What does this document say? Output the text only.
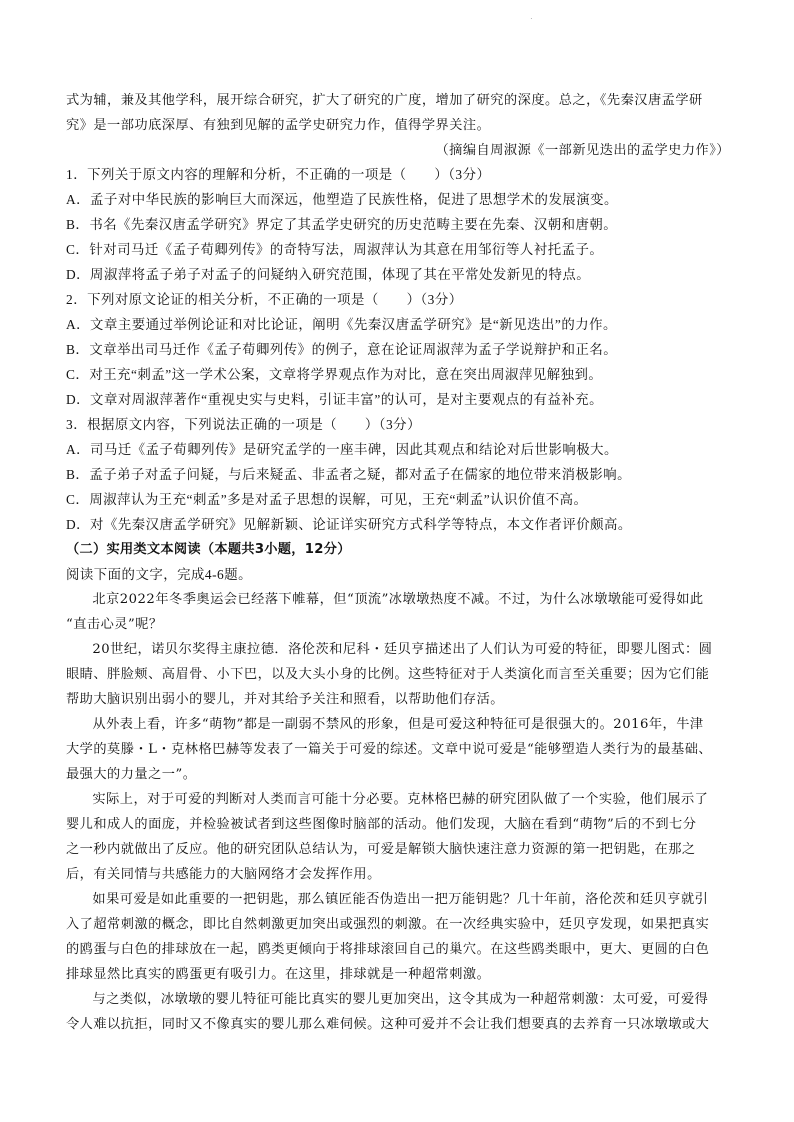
·
式为辅，兼及其他学科，展开综合研究，扩大了研究的广度，增加了研究的深度。总之，《先秦汉唐孟学研
究》是一部功底深厚、有独到见解的孟学史研究力作，值得学界关注。
（摘编自周淑源《一部新见迭出的孟学史力作》）
1．下列关于原文内容的理解和分析，不正确的一项是（　　）（3分）
A．孟子对中华民族的影响巨大而深远，他塑造了民族性格，促进了思想学术的发展演变。
B．书名《先秦汉唐孟学研究》界定了其孟学史研究的历史范畴主要在先秦、汉朝和唐朝。
C．针对司马迁《孟子荀卿列传》的奇特写法，周淑萍认为其意在用邹衍等人衬托孟子。
D．周淑萍将孟子弟子对孟子的问疑纳入研究范围，体现了其在平常处发新见的特点。
2．下列对原文论证的相关分析，不正确的一项是（　　）（3分）
A．文章主要通过举例论证和对比论证，阐明《先秦汉唐孟学研究》是“新见迭出”的力作。
B．文章举出司马迁作《孟子荀卿列传》的例子，意在论证周淑萍为孟子学说辩护和正名。
C．对王充“刺孟”这一学术公案，文章将学界观点作为对比，意在突出周淑萍见解独到。
D．文章对周淑萍著作“重视史实与史料，引证丰富”的认可，是对主要观点的有益补充。
3．根据原文内容，下列说法正确的一项是（　　）（3分）
A．司马迁《孟子荀卿列传》是研究孟学的一座丰碑，因此其观点和结论对后世影响极大。
B．孟子弟子对孟子问疑，与后来疑孟、非孟者之疑，都对孟子在儒家的地位带来消极影响。
C．周淑萍认为王充“刺孟”多是对孟子思想的误解，可见，王充“刺孟”认识价值不高。
D．对《先秦汉唐孟学研究》见解新颖、论证详实研究方式科学等特点，本文作者评价颇高。
（二）实用类文本阅读（本题共3小题，12分）
阅读下面的文字，完成4-6题。
北京2022年冬季奥运会已经落下帷幕，但“顶流”冰墩墩热度不减。不过，为什么冰墩墩能可爱得如此
“直击心灵”呢？
20世纪，诺贝尔奖得主康拉德．洛伦茨和尼科・廷贝亨描述出了人们认为可爱的特征，即婴儿图式：圆
眼睛、胖脸颊、高眉骨、小下巴，以及大头小身的比例。这些特征对于人类演化而言至关重要；因为它们能
帮助大脑识别出弱小的婴儿，并对其给予关注和照看，以帮助他们存活。
从外表上看，许多“萌物”都是一副弱不禁风的形象，但是可爱这种特征可是很强大的。2016年，牛津
大学的莫滕・L・克林格巴赫等发表了一篇关于可爱的综述。文章中说可爱是“能够塑造人类行为的最基础、
最强大的力量之一”。
实际上，对于可爱的判断对人类而言可能十分必要。克林格巴赫的研究团队做了一个实验，他们展示了
婴儿和成人的面庞，并检验被试者到这些图像时脑部的活动。他们发现，大脑在看到“萌物”后的不到七分
之一秒内就做出了反应。他的研究团队总结认为，可爱是解锁大脑快速注意力资源的第一把钥匙，在那之
后，有关同情与共感能力的大脑网络才会发挥作用。
如果可爱是如此重要的一把钥匙，那么镇匠能否伪造出一把万能钥匙？几十年前，洛伦茨和廷贝亨就引
入了超常刺激的概念，即比自然刺激更加突出或强烈的刺激。在一次经典实验中，廷贝亨发现，如果把真实
的鸥蛋与白色的排球放在一起，鸥类更倾向于将排球滚回自己的巢穴。在这些鸥类眼中，更大、更圆的白色
排球显然比真实的鸥蛋更有吸引力。在这里，排球就是一种超常刺激。
与之类似，冰墩墩的婴儿特征可能比真实的婴儿更加突出，这令其成为一种超常刺激：太可爱，可爱得
令人难以抗拒，同时又不像真实的婴儿那么难伺候。这种可爱并不会让我们想要真的去养育一只冰墩墩或大
